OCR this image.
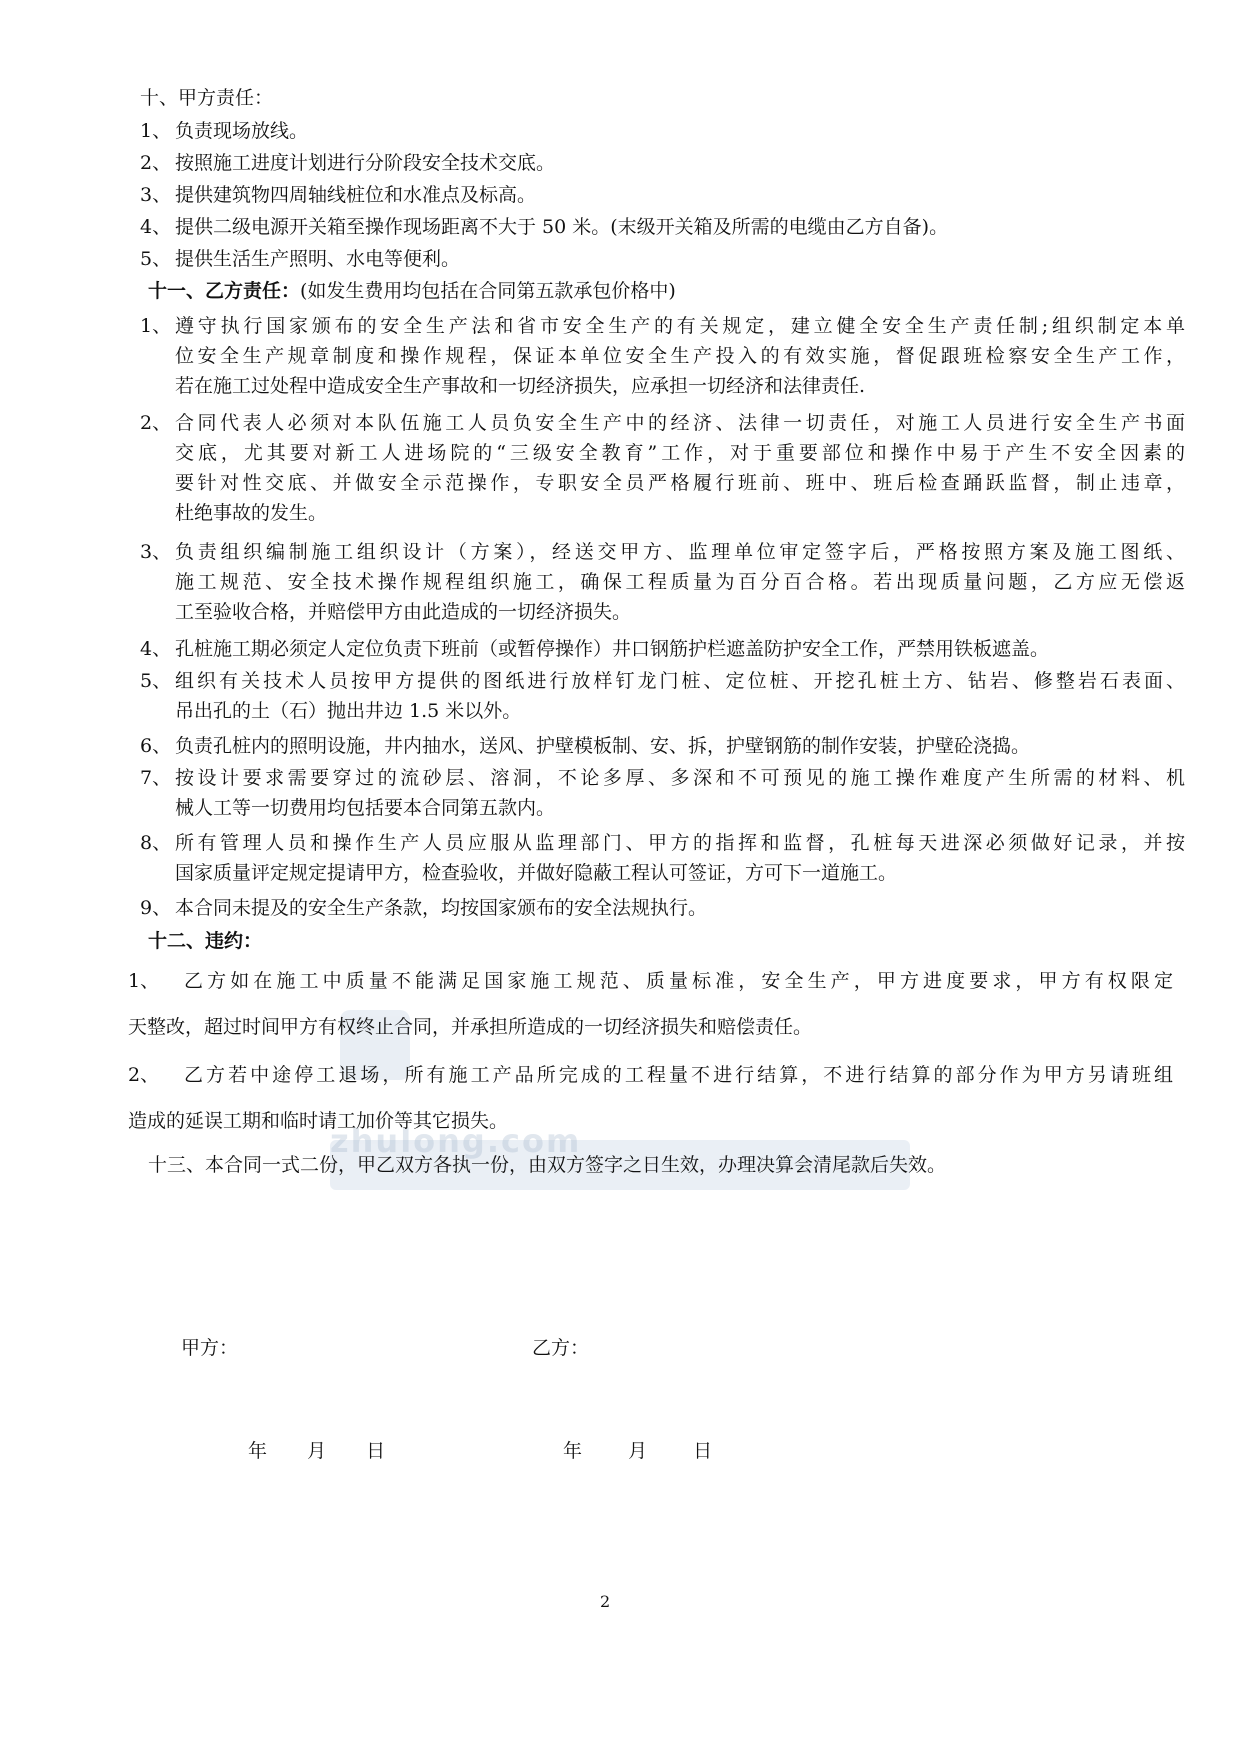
zhulong.com
十、甲方责任：
1、 负责现场放线。
2、 按照施工进度计划进行分阶段安全技术交底。
3、 提供建筑物四周轴线桩位和水准点及标高。
4、 提供二级电源开关箱至操作现场距离不大于 50 米。(末级开关箱及所需的电缆由乙方自备)。
5、 提供生活生产照明、水电等便利。
十一、乙方责任：(如发生费用均包括在合同第五款承包价格中)
1、 遵守执行国家颁布的安全生产法和省市安全生产的有关规定，建立健全安全生产责任制;组织制定本单
位安全生产规章制度和操作规程，保证本单位安全生产投入的有效实施，督促跟班检察安全生产工作，
若在施工过处程中造成安全生产事故和一切经济损失，应承担一切经济和法律责任.
2、 合同代表人必须对本队伍施工人员负安全生产中的经济、法律一切责任，对施工人员进行安全生产书面
交底，尤其要对新工人进场院的“三级安全教育”工作，对于重要部位和操作中易于产生不安全因素的
要针对性交底、并做安全示范操作，专职安全员严格履行班前、班中、班后检查踊跃监督，制止违章，
杜绝事故的发生。
3、 负责组织编制施工组织设计（方案），经送交甲方、监理单位审定签字后，严格按照方案及施工图纸、
施工规范、安全技术操作规程组织施工，确保工程质量为百分百合格。若出现质量问题，乙方应无偿返
工至验收合格，并赔偿甲方由此造成的一切经济损失。
4、 孔桩施工期必须定人定位负责下班前（或暂停操作）井口钢筋护栏遮盖防护安全工作，严禁用铁板遮盖。
5、 组织有关技术人员按甲方提供的图纸进行放样钉龙门桩、定位桩、开挖孔桩土方、钻岩、修整岩石表面、
吊出孔的土（石）抛出井边 1.5 米以外。
6、 负责孔桩内的照明设施，井内抽水，送风、护壁模板制、安、拆，护壁钢筋的制作安装，护壁砼浇捣。
7、 按设计要求需要穿过的流砂层、溶洞，不论多厚、多深和不可预见的施工操作难度产生所需的材料、机
械人工等一切费用均包括要本合同第五款内。
8、 所有管理人员和操作生产人员应服从监理部门、甲方的指挥和监督，孔桩每天进深必须做好记录，并按
国家质量评定规定提请甲方，检查验收，并做好隐蔽工程认可签证，方可下一道施工。
9、 本合同未提及的安全生产条款，均按国家颁布的安全法规执行。
十二、违约：
1、	乙方如在施工中质量不能满足国家施工规范、质量标准，安全生产，甲方进度要求，甲方有权限定
天整改，超过时间甲方有权终止合同，并承担所造成的一切经济损失和赔偿责任。
2、	乙方若中途停工退场，所有施工产品所完成的工程量不进行结算，不进行结算的部分作为甲方另请班组
造成的延误工期和临时请工加价等其它损失。
十三、本合同一式二份，甲乙双方各执一份，由双方签字之日生效，办理决算会清尾款后失效。
甲方：	乙方：
年 月 日	年 月 日
2
